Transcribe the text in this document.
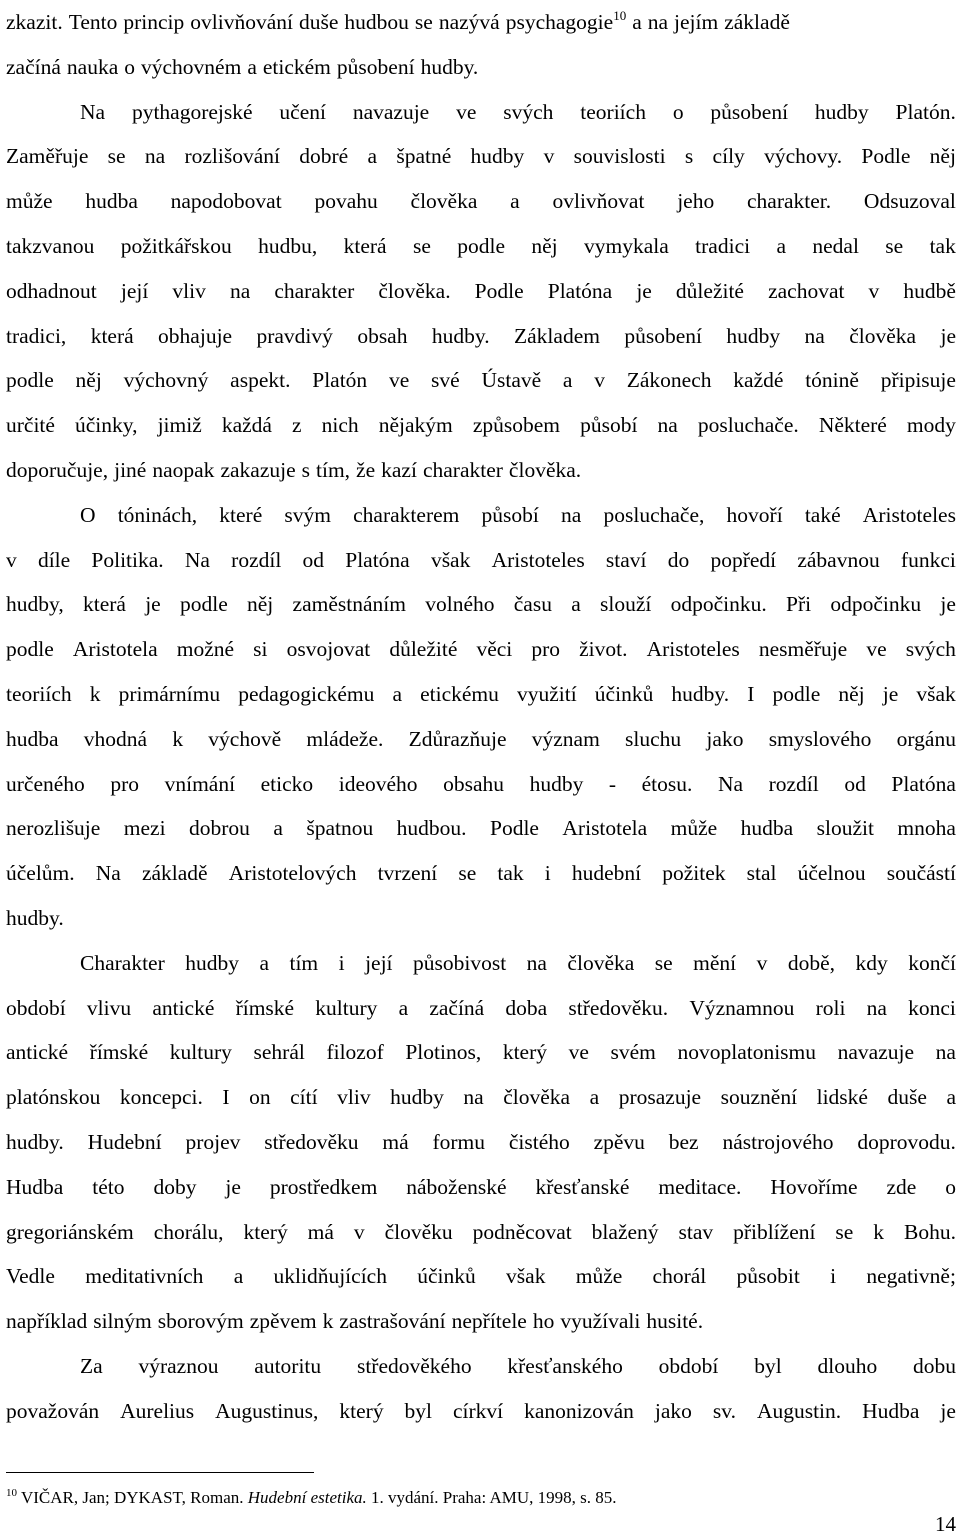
zkazit. Tento princip ovlivňování duše hudbou se nazývá psychagogie$^{10}$ a na jejím základě
začíná nauka o výchovném a etickém působení hudby.
Na pythagorejské učení navazuje ve svých teoriích o působení hudby Platón.
Zaměřuje se na rozlišování dobré a špatné hudby v souvislosti s cíly výchovy. Podle něj
může hudba napodobovat povahu člověka a ovlivňovat jeho charakter. Odsuzoval
takzvanou požitkářskou hudbu, která se podle něj vymykala tradici a nedal se tak
odhadnout její vliv na charakter člověka. Podle Platóna je důležité zachovat v hudbě
tradici, která obhajuje pravdivý obsah hudby. Základem působení hudby na člověka je
podle něj výchovný aspekt. Platón ve své Ústavě a v Zákonech každé tónině připisuje
určité účinky, jimiž každá z nich nějakým způsobem působí na posluchače. Některé mody
doporučuje, jiné naopak zakazuje s tím, že kazí charakter člověka.
O tóninách, které svým charakterem působí na posluchače, hovoří také Aristoteles
v díle Politika. Na rozdíl od Platóna však Aristoteles staví do popředí zábavnou funkci
hudby, která je podle něj zaměstnáním volného času a slouží odpočinku. Při odpočinku je
podle Aristotela možné si osvojovat důležité věci pro život. Aristoteles nesměřuje ve svých
teoriích k primárnímu pedagogickému a etickému využití účinků hudby. I podle něj je však
hudba vhodná k výchově mládeže. Zdůrazňuje význam sluchu jako smyslového orgánu
určeného pro vnímání eticko ideového obsahu hudby - étosu. Na rozdíl od Platóna
nerozlišuje mezi dobrou a špatnou hudbou. Podle Aristotela může hudba sloužit mnoha
účelům. Na základě Aristotelových tvrzení se tak i hudební požitek stal účelnou součástí
hudby.
Charakter hudby a tím i její působivost na člověka se mění v době, kdy končí
období vlivu antické římské kultury a začíná doba středověku. Významnou roli na konci
antické římské kultury sehrál filozof Plotinos, který ve svém novoplatonismu navazuje na
platónskou koncepci. I on cítí vliv hudby na člověka a prosazuje souznění lidské duše a
hudby. Hudební projev středověku má formu čistého zpěvu bez nástrojového doprovodu.
Hudba této doby je prostředkem náboženské křesťanské meditace. Hovoříme zde o
gregoriánském chorálu, který má v člověku podněcovat blažený stav přiblížení se k Bohu.
Vedle meditativních a uklidňujících účinků však může chorál působit i negativně;
například silným sborovým zpěvem k zastrašování nepřítele ho využívali husité.
Za výraznou autoritu středověkého křesťanského období byl dlouho dobu
považován Aurelius Augustinus, který byl církví kanonizován jako sv. Augustin. Hudba je
$^{10}$ VIČAR, Jan; DYKAST, Roman. Hudební estetika. 1. vydání. Praha: AMU, 1998, s. 85.
14
